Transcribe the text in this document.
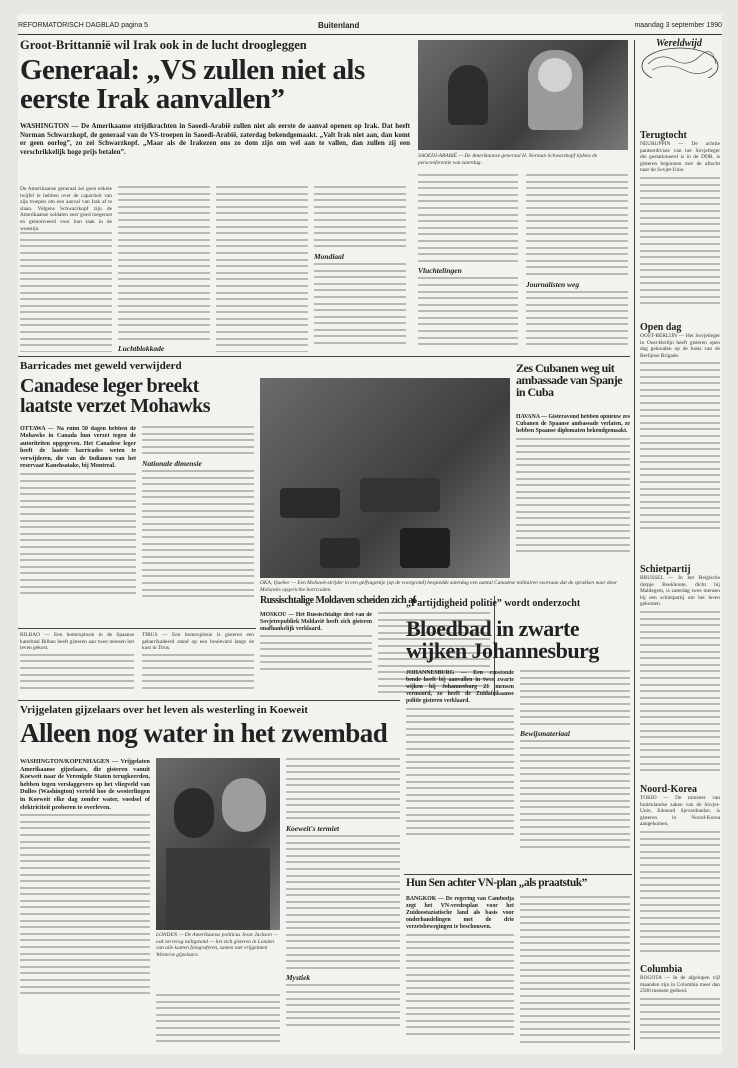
REFORMATORISCH DAGBLAD pagina 5	Buitenland	maandag 3 september 1990
Groot-Brittannië wil Irak ook in de lucht droogleggen
Generaal: „VS zullen niet als eerste Irak aanvallen”
WASHINGTON — De Amerikaanse strijdkrachten in Saoedi-Arabië zullen niet als eerste de aanval openen op Irak. Dat heeft Norman Schwarzkopf, de generaal van de VS-troepen in Saoedi-Arabië, zaterdag bekendgemaakt. „Valt Irak niet aan, dan komt er geen oorlog”, zo zei Schwarzkopf. „Maar als de Irakezen ons zo dom zijn om wel aan te vallen, dan zullen zij een verschrikkelijk hoge prijs betalen”.
De Amerikaanse generaal zei geen enkele twijfel te hebben over de capaciteit van zijn troepen om een aanval van Irak af te slaan. Volgens Schwarzkopf zijn de Amerikaanse soldaten zeer goed toegerust en gemotiveerd voor hun taak in de woestijn.
Luchtblokkade
Mondiaal
SAOEDI-ARABIË — De Amerikaanse generaal H. Norman Schwarzkopf tijdens de persconferentie van zaterdag.
Vluchtelingen
Journalisten weg
Wereldwijd
Terugtocht
NEURUPPIN — De achttie pantserdivisie van het Sovjetleger die gestationeerd is in de DDR, is gisteren begonnen met de aftocht naar de Sovjet-Unie.
Open dag
OOST-BERLIJN — Het Sovjetleger in Oost-Berlijn heeft gisteren open dag gehouden op de basis van de Berlijnse Brigade.
Schietpartij
BRUSSEL — In het Belgische dorpje Boekhoute, dicht bij Maldegem, is zaterdag twee mensen bij een schietpartij om het leven gekomen.
Noord-Korea
TOKIO — De minister van buitenlandse zaken van de Sovjet-Unie, Edoeard Sjevardnadze, is gisteren in Noord-Korea aangekomen.
Columbia
BOGOTA — In de afgelopen vijf maanden zijn in Colombia meer dan 2500 mensen gedood.
Barricades met geweld verwijderd
Canadese leger breekt laatste verzet Mohawks
OTTAWA — Na ruim 50 dagen hebben de Mohawks in Canada hun verzet tegen de autoriteiten opgegeven. Het Canadese leger heeft de laatste barricades weten te verwijderen, die van de Indianen van het reservaat Kanehsatake, bij Montreal.	Nationale dimensie
OKA, Quebec — Een Mohawk-strijder in een gelfvagentje (op de voorgrond) bespiedde zaterdag een aantal Canadese militairen voortaan dat de sprakken naar door Mohawks opgerichte barricaden.
Zes Cubanen weg uit ambassade van Spanje in Cuba
HAVANA — Gisteravond hebben opnieuw zes Cubanen de Spaanse ambassade verlaten, ze hebben Spaanse diplomaten bekendgemaakt.
BILBAO — Een bomexplosie in de Spaanse katedraal Bilbao heeft gisteren aan twee mensen het leven gekost.
TIRUS — Een bomexplosie is gisteren een gebarrikadeerd stand op een boulevard langs de kust in Tirus.
Russischtalige Moldaven scheiden zich af
MOSKOU — Het Russischtalige deel van de Sovjetrepubliek Moldavië heeft zich gisteren onafhankelijk verklaard.
„Partijdigheid politie” wordt onderzocht
Bloedbad in zwarte wijken Johannesburg
JOHANNESBURG — Een ernstonde bende heeft bij aanvallen in twee zwarte wijken bij Johannesburg 21 mensen vermoord, zo heeft de Zuidafrikaanse politie gisteren verklaard.
Bewijsmateriaal
Hun Sen achter VN-plan „als praatstuk”
BANGKOK — De regering van Cambodja zegt het VN-vredesplan voor het Zuidoostaziatische land als basis voor onderhandelingen met de drie verzetsbewegingen te beschouwen.
Vrijgelaten gijzelaars over het leven als westerling in Koeweit
Alleen nog water in het zwembad
WASHINGTON/KOPENHAGEN — Vrijgelaten Amerikaanse gijzelaars, die gisteren vanuit Koeweit naar de Verenigde Staten terugkeerden, hebben tegen verslaggevers op het vliegveld van Dulles (Washington) verteld hoe de westerlingen in Koeweit elke dag zonder water, voedsel of elektriciteit proberen te overleven.
LONDEN — De Amerikaanse politicus Jesse Jackson — ook tot terug tuiltgstand — liet zich gisteren in Londen van alle kanten fotograferen, samen met vrijgelaten Westerse gijzelaars.
Koeweit's termiet
Mystiek
